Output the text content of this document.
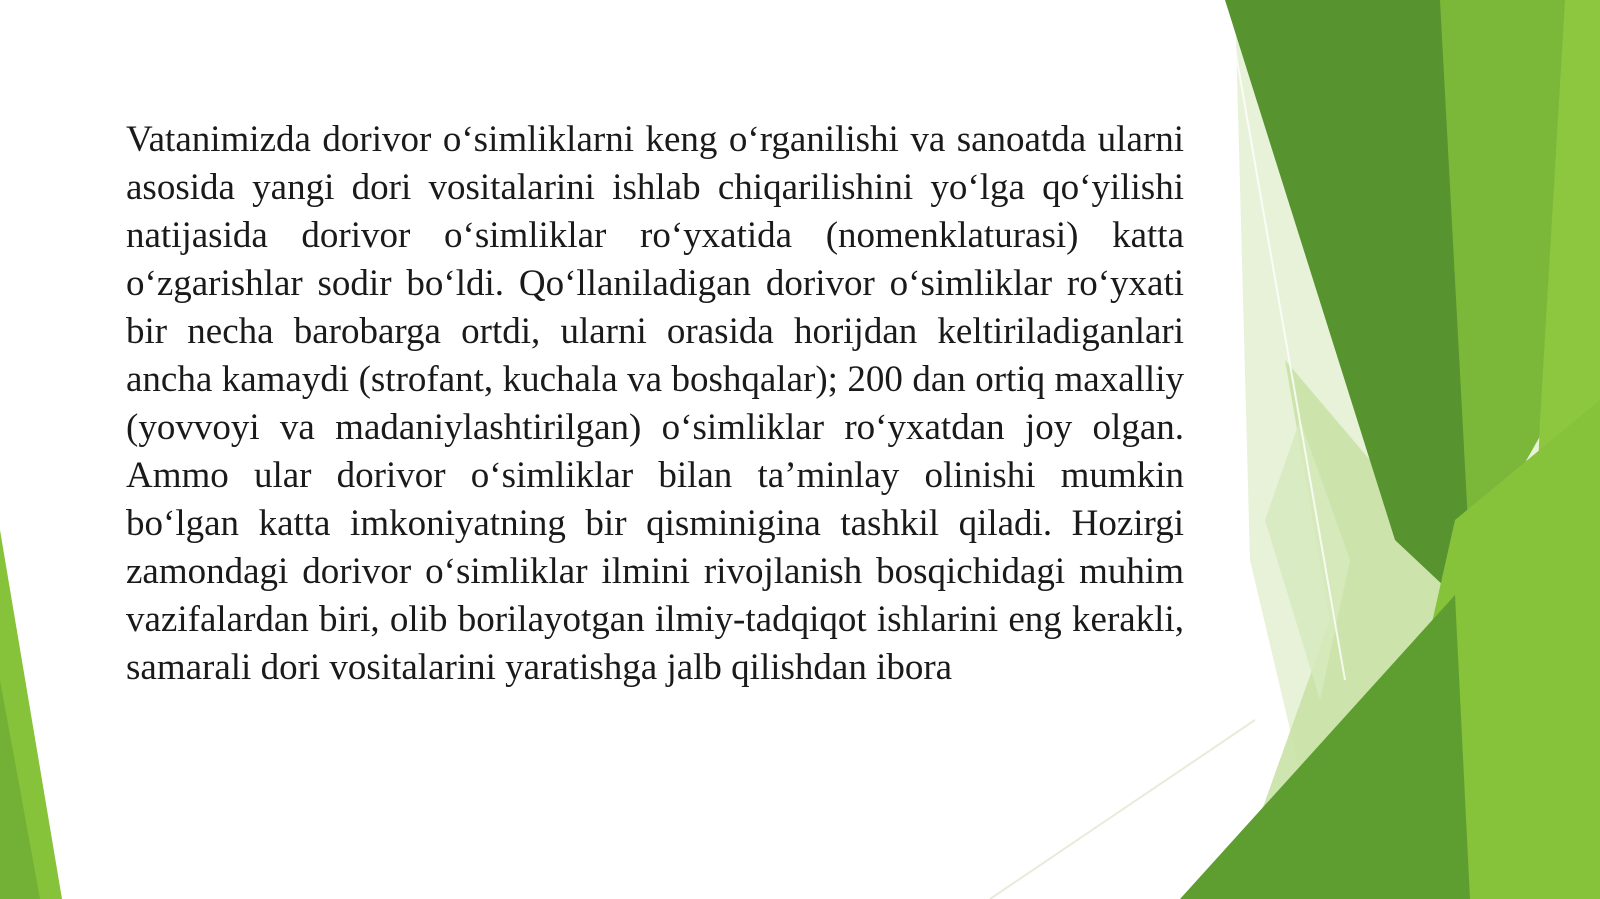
Vatanimizda dorivor o‘simliklarni keng o‘rganilishi va sanoatda ularni asosida yangi dori vositalarini ishlab chiqarilishini yo‘lga qo‘yilishi natijasida dorivor o‘simliklar ro‘yxatida (nomenklaturasi) katta o‘zgarishlar sodir bo‘ldi. Qo‘llaniladigan dorivor o‘simliklar ro‘yxati bir necha barobarga ortdi, ularni orasida horijdan keltiriladiganlari ancha kamaydi (strofant, kuchala va boshqalar); 200 dan ortiq maxalliy (yovvoyi va madaniylashtirilgan) o‘simliklar ro‘yxatdan joy olgan. Ammo ular dorivor o‘simliklar bilan ta’minlay olinishi mumkin bo‘lgan katta imkoniyatning bir qisminigina tashkil qiladi. Hozirgi zamondagi dorivor o‘simliklar ilmini rivojlanish bosqichidagi muhim vazifalardan biri, olib borilayotgan ilmiy-tadqiqot ishlarini eng kerakli, samarali dori vositalarini yaratishga jalb qilishdan ibora
